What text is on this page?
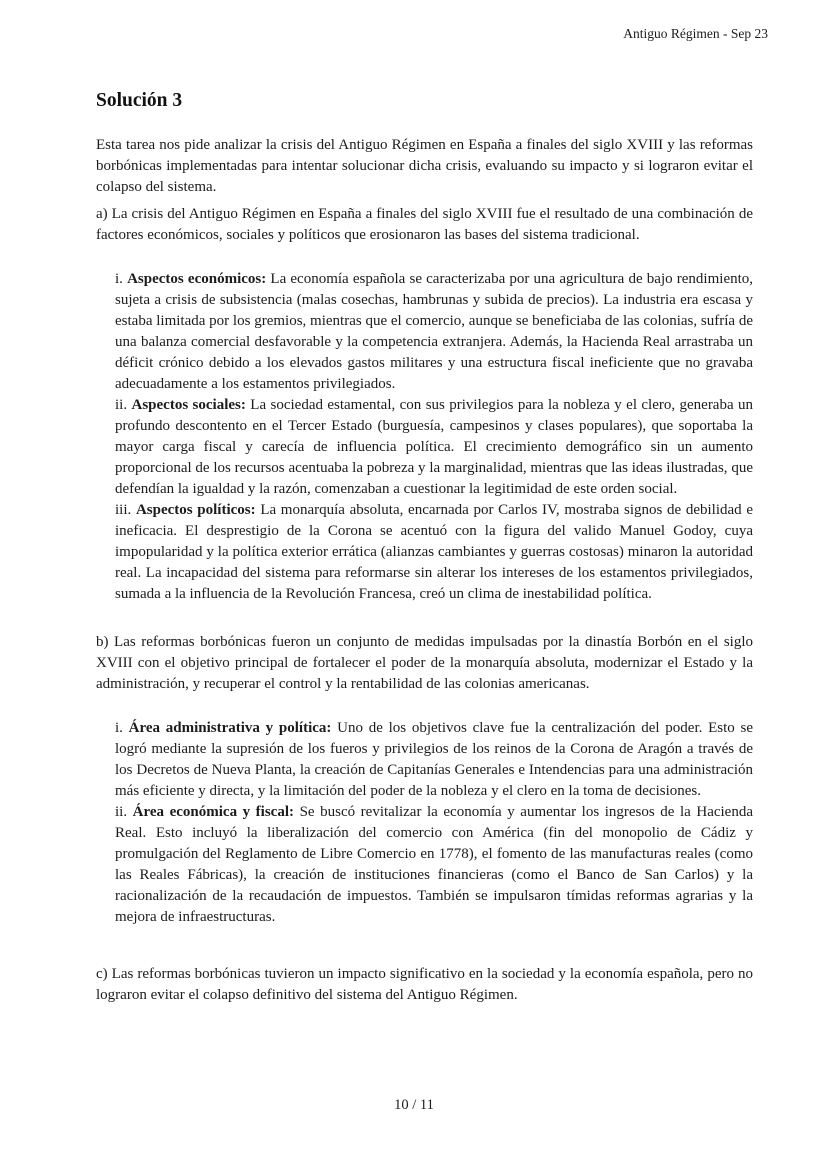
Antiguo Régimen - Sep 23
Solución 3

Esta tarea nos pide analizar la crisis del Antiguo Régimen en España a finales del siglo XVIII y las reformas borbónicas implementadas para intentar solucionar dicha crisis, evaluando su impacto y si lograron evitar el colapso del sistema.

a) La crisis del Antiguo Régimen en España a finales del siglo XVIII fue el resultado de una combinación de factores económicos, sociales y políticos que erosionaron las bases del sistema tradicional.

i. Aspectos económicos: La economía española se caracterizaba por una agricultura de bajo rendimiento, sujeta a crisis de subsistencia (malas cosechas, hambrunas y subida de precios). La industria era escasa y estaba limitada por los gremios, mientras que el comercio, aunque se beneficiaba de las colonias, sufría de una balanza comercial desfavorable y la competencia extranjera. Además, la Hacienda Real arrastraba un déficit crónico debido a los elevados gastos militares y una estructura fiscal ineficiente que no gravaba adecuadamente a los estamentos privilegiados.

ii. Aspectos sociales: La sociedad estamental, con sus privilegios para la nobleza y el clero, generaba un profundo descontento en el Tercer Estado (burguesía, campesinos y clases populares), que soportaba la mayor carga fiscal y carecía de influencia política. El crecimiento demográfico sin un aumento proporcional de los recursos acentuaba la pobreza y la marginalidad, mientras que las ideas ilustradas, que defendían la igualdad y la razón, comenzaban a cuestionar la legitimidad de este orden social.

iii. Aspectos políticos: La monarquía absoluta, encarnada por Carlos IV, mostraba signos de debilidad e ineficacia. El desprestigio de la Corona se acentuó con la figura del valido Manuel Godoy, cuya impopularidad y la política exterior errática (alianzas cambiantes y guerras costosas) minaron la autoridad real. La incapacidad del sistema para reformarse sin alterar los intereses de los estamentos privilegiados, sumada a la influencia de la Revolución Francesa, creó un clima de inestabilidad política.

b) Las reformas borbónicas fueron un conjunto de medidas impulsadas por la dinastía Borbón en el siglo XVIII con el objetivo principal de fortalecer el poder de la monarquía absoluta, modernizar el Estado y la administración, y recuperar el control y la rentabilidad de las colonias americanas.

i. Área administrativa y política: Uno de los objetivos clave fue la centralización del poder. Esto se logró mediante la supresión de los fueros y privilegios de los reinos de la Corona de Aragón a través de los Decretos de Nueva Planta, la creación de Capitanías Generales e Intendencias para una administración más eficiente y directa, y la limitación del poder de la nobleza y el clero en la toma de decisiones.

ii. Área económica y fiscal: Se buscó revitalizar la economía y aumentar los ingresos de la Hacienda Real. Esto incluyó la liberalización del comercio con América (fin del monopolio de Cádiz y promulgación del Reglamento de Libre Comercio en 1778), el fomento de las manufacturas reales (como las Reales Fábricas), la creación de instituciones financieras (como el Banco de San Carlos) y la racionalización de la recaudación de impuestos. También se impulsaron tímidas reformas agrarias y la mejora de infraestructuras.

c) Las reformas borbónicas tuvieron un impacto significativo en la sociedad y la economía española, pero no lograron evitar el colapso definitivo del sistema del Antiguo Régimen.

10 / 11
